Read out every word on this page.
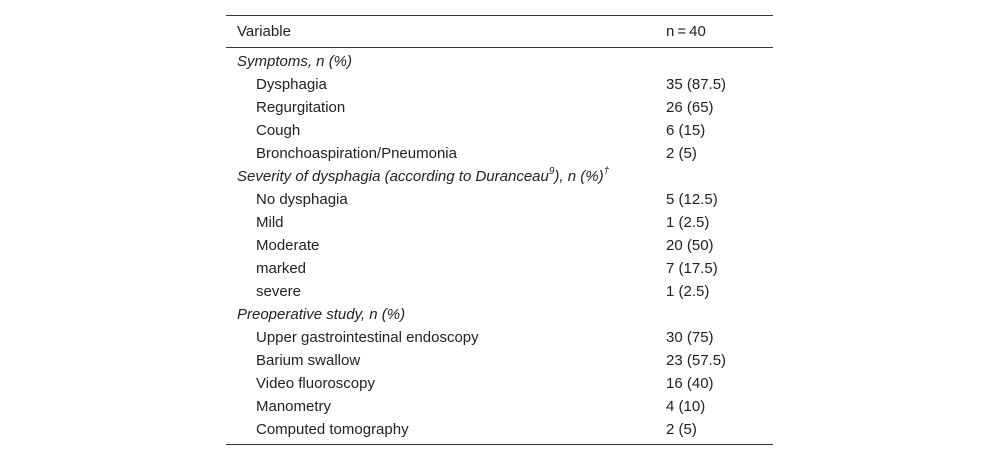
Variable	n = 40
Symptoms, n (%)
Dysphagia	35 (87.5)
Regurgitation	26 (65)
Cough	6 (15)
Bronchoaspiration/Pneumonia	2 (5)
Severity of dysphagia (according to Duranceau$^9$), n (%)†
No dysphagia	5 (12.5)
Mild	1 (2.5)
Moderate	20 (50)
marked	7 (17.5)
severe	1 (2.5)
Preoperative study, n (%)
Upper gastrointestinal endoscopy	30 (75)
Barium swallow	23 (57.5)
Video fluoroscopy	16 (40)
Manometry	4 (10)
Computed tomography	2 (5)
